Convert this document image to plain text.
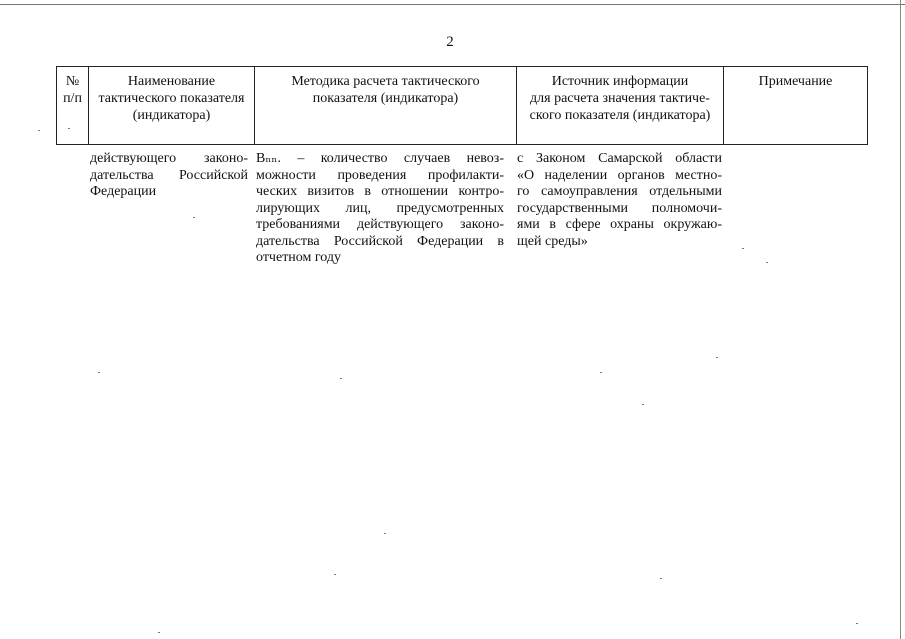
2
№
п/п
Наименование
тактического показателя
(индикатора)
Методика расчета тактического
показателя (индикатора)
Источник информации
для расчета значения тактиче-
ского показателя (индикатора)
Примечание
действующего законо-
дательства Российской
Федерации
Bₙₙ. – количество случаев невоз-
можности проведения профилакти-
ческих визитов в отношении контро-
лирующих лиц, предусмотренных
требованиями действующего законо-
дательства Российской Федерации в
отчетном году
с Законом Самарской области
«О наделении органов местно-
го самоуправления отдельными
государственными полномочи-
ями в сфере охраны окружаю-
щей среды»
